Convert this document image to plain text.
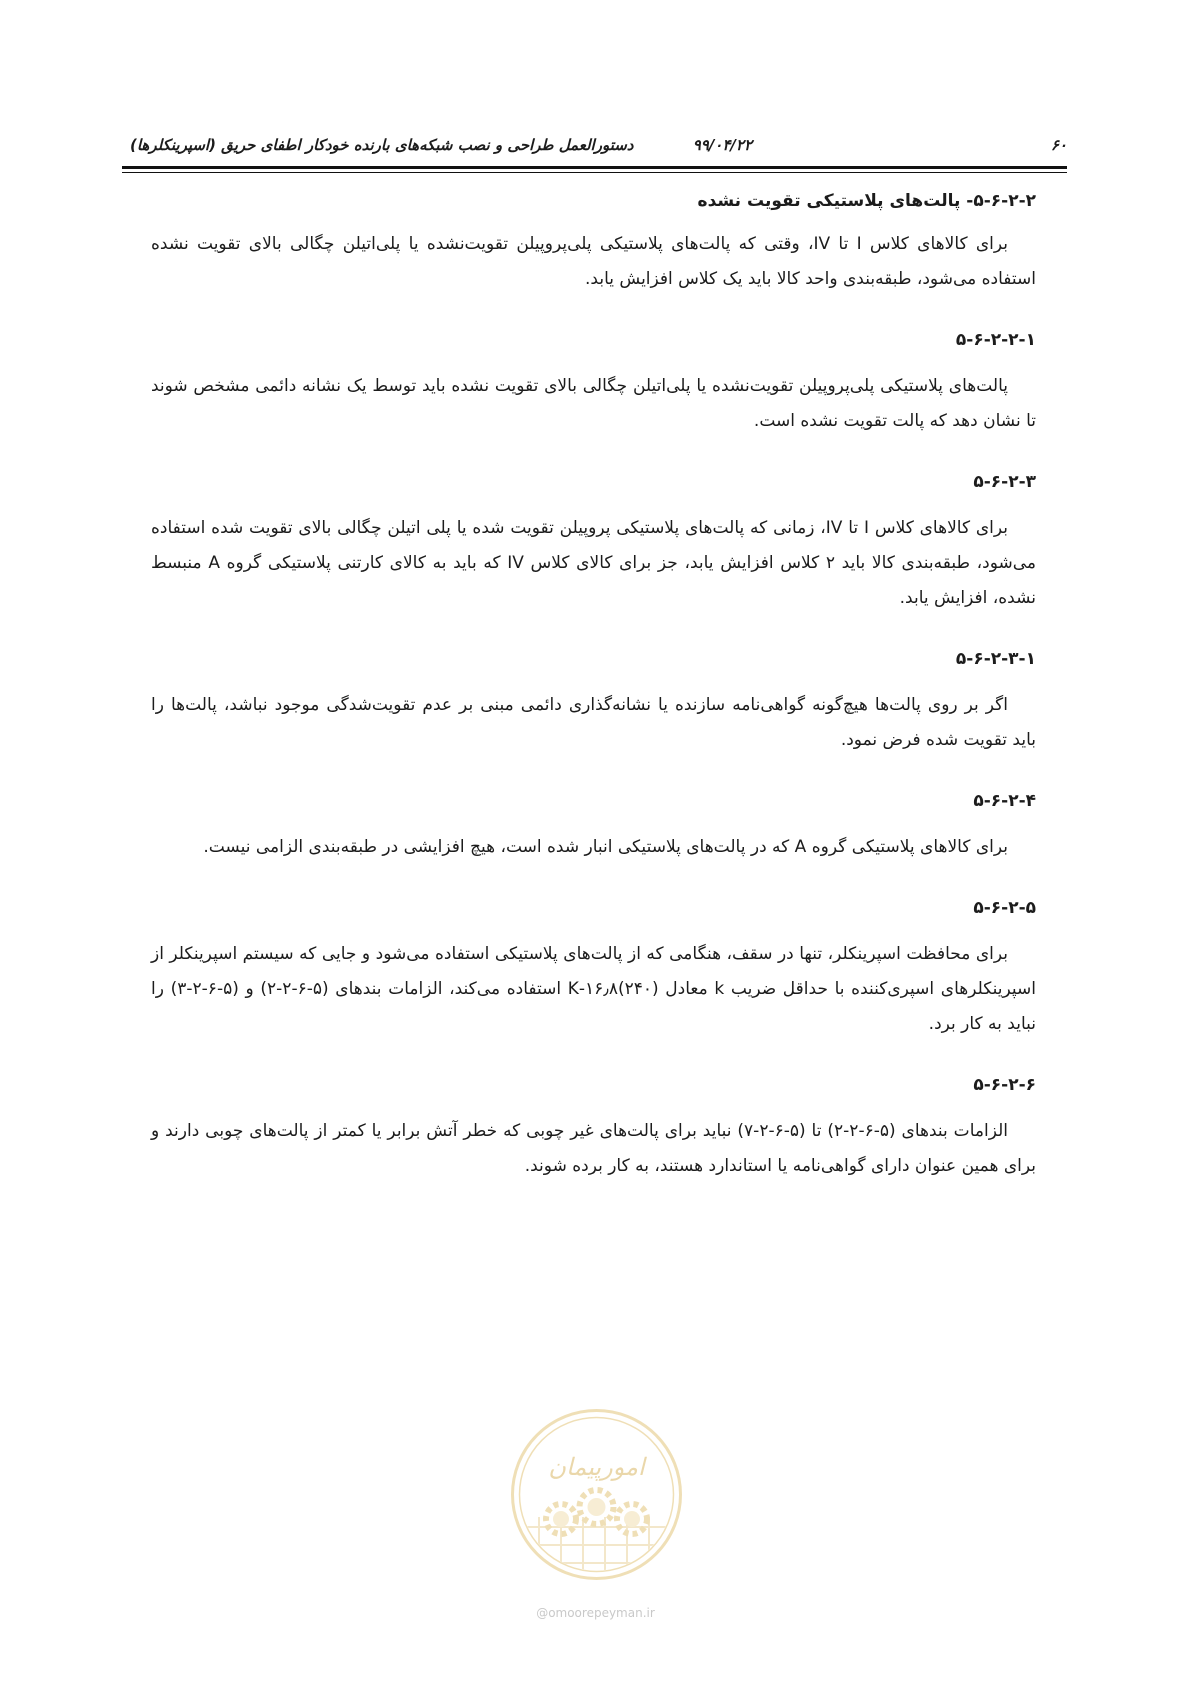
۶۰
۹۹/۰۴/۲۲
دستورالعمل طراحی و نصب شبکه‌های بارنده خودکار اطفای حریق (اسپرینکلرها)

۵-۶-۲-۲- پالت‌های پلاستیکی تقویت نشده

برای کالاهای کلاس I تا IV، وقتی که پالت‌های پلاستیکی پلی‌پروپیلن تقویت‌نشده یا پلی‌اتیلن چگالی بالای تقویت نشده استفاده می‌شود، طبقه‌بندی واحد کالا باید یک کلاس افزایش یابد.

۵-۶-۲-۲-۱

پالت‌های پلاستیکی پلی‌پروپیلن تقویت‌نشده یا پلی‌اتیلن چگالی بالای تقویت نشده باید توسط یک نشانه دائمی مشخص شوند تا نشان دهد که پالت تقویت نشده است.

۵-۶-۲-۳

برای کالاهای کلاس I تا IV، زمانی که پالت‌های پلاستیکی پروپیلن تقویت شده یا پلی اتیلن چگالی بالای تقویت شده استفاده می‌شود، طبقه‌بندی کالا باید ۲ کلاس افزایش یابد، جز برای کالای کلاس IV که باید به کالای کارتنی پلاستیکی گروه A منبسط نشده، افزایش یابد.

۵-۶-۲-۳-۱

اگر بر روی پالت‌ها هیچ‌گونه گواهی‌نامه سازنده یا نشانه‌گذاری دائمی مبنی بر عدم تقویت‌شدگی موجود نباشد، پالت‌ها را باید تقویت شده فرض نمود.

۵-۶-۲-۴

برای کالاهای پلاستیکی گروه A که در پالت‌های پلاستیکی انبار شده است، هیچ افزایشی در طبقه‌بندی الزامی نیست.

۵-۶-۲-۵

برای محافظت اسپرینکلر، تنها در سقف، هنگامی که از پالت‌های پلاستیکی استفاده می‌شود و جایی که سیستم اسپرینکلر از اسپرینکلرهای اسپری‌کننده با حداقل ضریب k معادل (۲۴۰)۱۶٫۸-K استفاده می‌کند، الزامات بندهای (۵-۶-۲-۲) و (۵-۶-۲-۳) را نباید به کار برد.

۵-۶-۲-۶

الزامات بندهای (۵-۶-۲-۲) تا (۵-۶-۲-۷) نباید برای پالت‌های غیر چوبی که خطر آتش برابر یا کمتر از پالت‌های چوبی دارند و برای همین عنوان دارای گواهی‌نامه یا استاندارد هستند، به کار برده شوند.

امورپیمان
@omoorepeyman.ir
